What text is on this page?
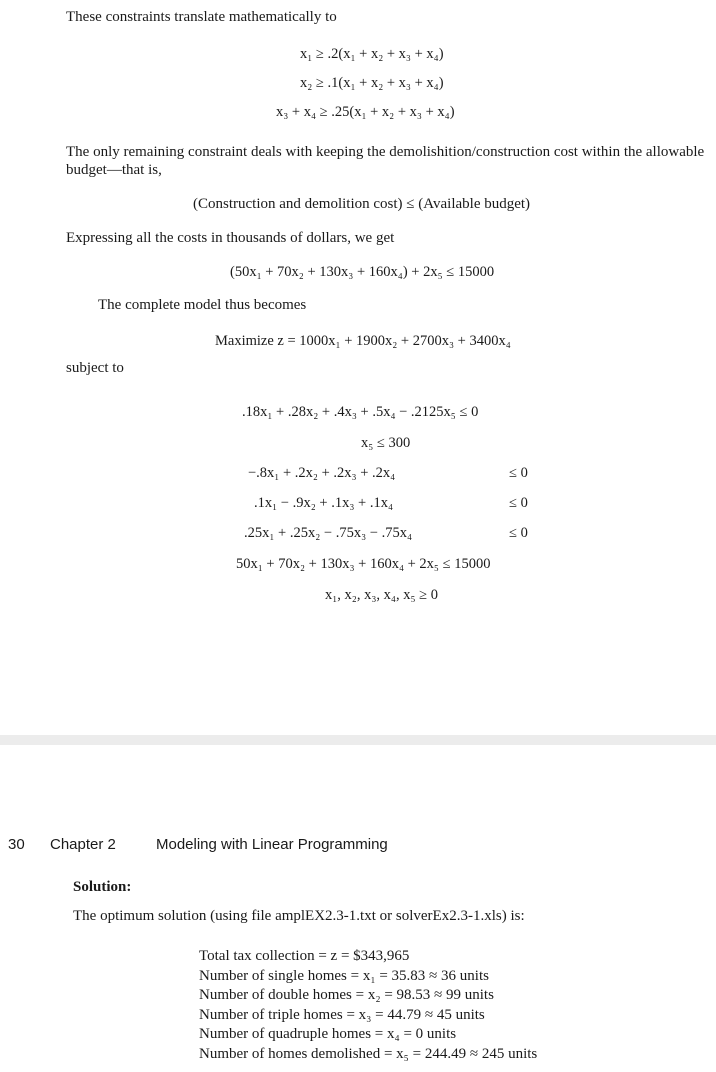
These constraints translate mathematically to
x₁ ≥ .2(x₁ + x₂ + x₃ + x₄)
x₂ ≥ .1(x₁ + x₂ + x₃ + x₄)
x₃ + x₄ ≥ .25(x₁ + x₂ + x₃ + x₄)
The only remaining constraint deals with keeping the demolishition/construction cost within the allowable budget—that is,
(Construction and demolition cost) ≤ (Available budget)
Expressing all the costs in thousands of dollars, we get
(50x₁ + 70x₂ + 130x₃ + 160x₄) + 2x₅ ≤ 15000
The complete model thus becomes
Maximize z = 1000x₁ + 1900x₂ + 2700x₃ + 3400x₄
subject to
.18x₁ + .28x₂ + .4x₃ + .5x₄ − .2125x₅ ≤ 0
x₅ ≤ 300
−.8x₁ + .2x₂ + .2x₃ + .2x₄	≤ 0
.1x₁ − .9x₂ + .1x₃ + .1x₄	≤ 0
.25x₁ + .25x₂ − .75x₃ − .75x₄	≤ 0
50x₁ + 70x₂ + 130x₃ + 160x₄ + 2x₅ ≤ 15000
x₁, x₂, x₃, x₄, x₅ ≥ 0
30 Chapter 2	Modeling with Linear Programming
Solution:
The optimum solution (using file amplEX2.3-1.txt or solverEx2.3-1.xls) is:
Total tax collection = z = $343,965
Number of single homes = x₁ = 35.83 ≈ 36 units
Number of double homes = x₂ = 98.53 ≈ 99 units
Number of triple homes = x₃ = 44.79 ≈ 45 units
Number of quadruple homes = x₄ = 0 units
Number of homes demolished = x₅ = 244.49 ≈ 245 units
